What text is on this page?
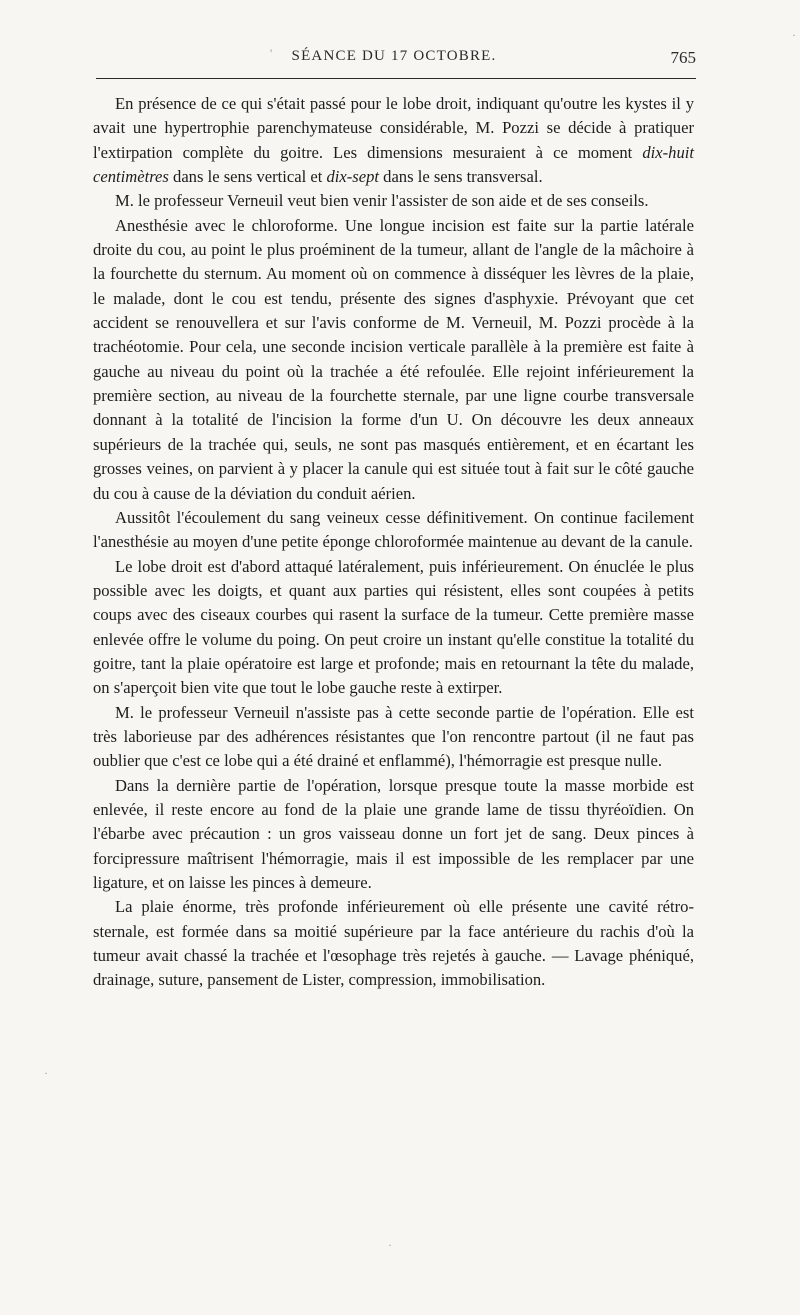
SÉANCE DU 17 OCTOBRE.	765

En présence de ce qui s'était passé pour le lobe droit, indiquant qu'outre les kystes il y avait une hypertrophie parenchymateuse considérable, M. Pozzi se décide à pratiquer l'extirpation complète du goitre. Les dimensions mesuraient à ce moment dix-huit centimètres dans le sens vertical et dix-sept dans le sens transversal.

M. le professeur Verneuil veut bien venir l'assister de son aide et de ses conseils.

Anesthésie avec le chloroforme. Une longue incision est faite sur la partie latérale droite du cou, au point le plus proéminent de la tumeur, allant de l'angle de la mâchoire à la fourchette du sternum. Au moment où on commence à disséquer les lèvres de la plaie, le malade, dont le cou est tendu, présente des signes d'asphyxie. Prévoyant que cet accident se renouvellera et sur l'avis conforme de M. Verneuil, M. Pozzi procède à la trachéotomie. Pour cela, une seconde incision verticale parallèle à la première est faite à gauche au niveau du point où la trachée a été refoulée. Elle rejoint inférieurement la première section, au niveau de la fourchette sternale, par une ligne courbe transversale donnant à la totalité de l'incision la forme d'un U. On découvre les deux anneaux supérieurs de la trachée qui, seuls, ne sont pas masqués entièrement, et en écartant les grosses veines, on parvient à y placer la canule qui est située tout à fait sur le côté gauche du cou à cause de la déviation du conduit aérien.

Aussitôt l'écoulement du sang veineux cesse définitivement. On continue facilement l'anesthésie au moyen d'une petite éponge chloroformée maintenue au devant de la canule.

Le lobe droit est d'abord attaqué latéralement, puis inférieurement. On énuclée le plus possible avec les doigts, et quant aux parties qui résistent, elles sont coupées à petits coups avec des ciseaux courbes qui rasent la surface de la tumeur. Cette première masse enlevée offre le volume du poing. On peut croire un instant qu'elle constitue la totalité du goitre, tant la plaie opératoire est large et profonde; mais en retournant la tête du malade, on s'aperçoit bien vite que tout le lobe gauche reste à extirper.

M. le professeur Verneuil n'assiste pas à cette seconde partie de l'opération. Elle est très laborieuse par des adhérences résistantes que l'on rencontre partout (il ne faut pas oublier que c'est ce lobe qui a été drainé et enflammé), l'hémorragie est presque nulle.

Dans la dernière partie de l'opération, lorsque presque toute la masse morbide est enlevée, il reste encore au fond de la plaie une grande lame de tissu thyréoïdien. On l'ébarbe avec précaution : un gros vaisseau donne un fort jet de sang. Deux pinces à forcipressure maîtrisent l'hémorragie, mais il est impossible de les remplacer par une ligature, et on laisse les pinces à demeure.

La plaie énorme, très profonde inférieurement où elle présente une cavité rétro-sternale, est formée dans sa moitié supérieure par la face antérieure du rachis d'où la tumeur avait chassé la trachée et l'œsophage très rejetés à gauche. — Lavage phéniqué, drainage, suture, pansement de Lister, compression, immobilisation.

'
·
·
·
